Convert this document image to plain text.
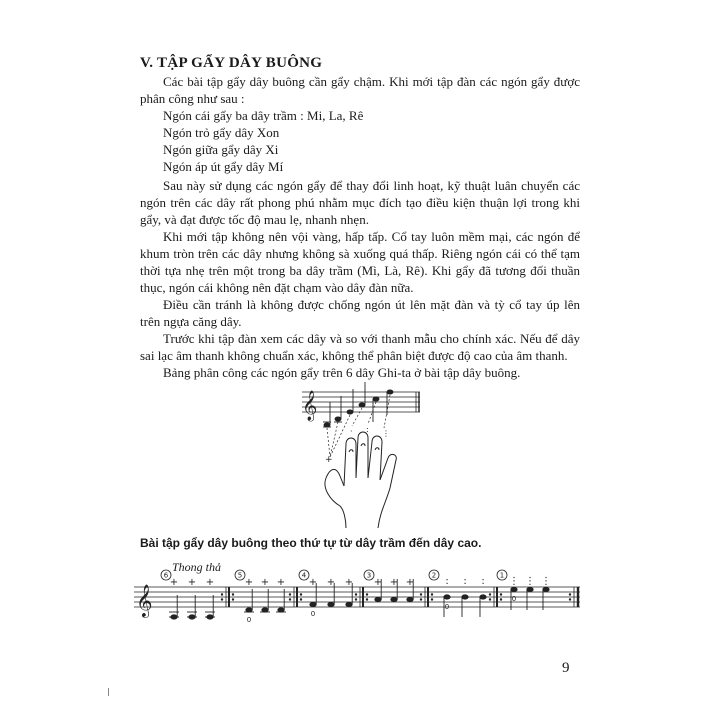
V. TẬP GẨY DÂY BUÔNG

Các bài tập gẩy dây buông cần gẩy chậm. Khi mới tập đàn các ngón gẩy được phân công như sau :

Ngón cái gẩy ba dây trầm : Mi, La, Rê

Ngón trỏ gẩy dây Xon

Ngón giữa gẩy dây Xi

Ngón áp út gẩy dây Mí

Sau này sử dụng các ngón gẩy để thay đổi linh hoạt, kỹ thuật luân chuyển các ngón trên các dây rất phong phú nhằm mục đích tạo điều kiện thuận lợi trong khi gẩy, và đạt được tốc độ mau lẹ, nhanh nhẹn.

Khi mới tập không nên vội vàng, hấp tấp. Cổ tay luôn mềm mại, các ngón để khum tròn trên các dây nhưng không sà xuống quá thấp. Riêng ngón cái có thể tạm thời tựa nhẹ trên một trong ba dây trầm (Mì, Là, Rê). Khi gẩy đã tương đối thuần thục, ngón cái không nên đặt chạm vào dây đàn nữa.

Điều cần tránh là không được chống ngón út lên mặt đàn và tỳ cổ tay úp lên trên ngựa căng dây.

Trước khi tập đàn xem các dây và so với thanh mẫu cho chính xác. Nếu để dây sai lạc âm thanh không chuẩn xác, không thể phân biệt được độ cao của âm thanh.

Bảng phân công các ngón gẩy trên 6 dây Ghi-ta ở bài tập dây buông.

𝄞
+
· : ⋮

Bài tập gẩy dây buông theo thứ tự từ dây trầm đến dây cao.

Thong thả

𝄞
6	5	4	3	2	1
+ + +	+ + + + + + + + +	: : : ⋮ ⋮ ⋮
0
0
0
0

9
